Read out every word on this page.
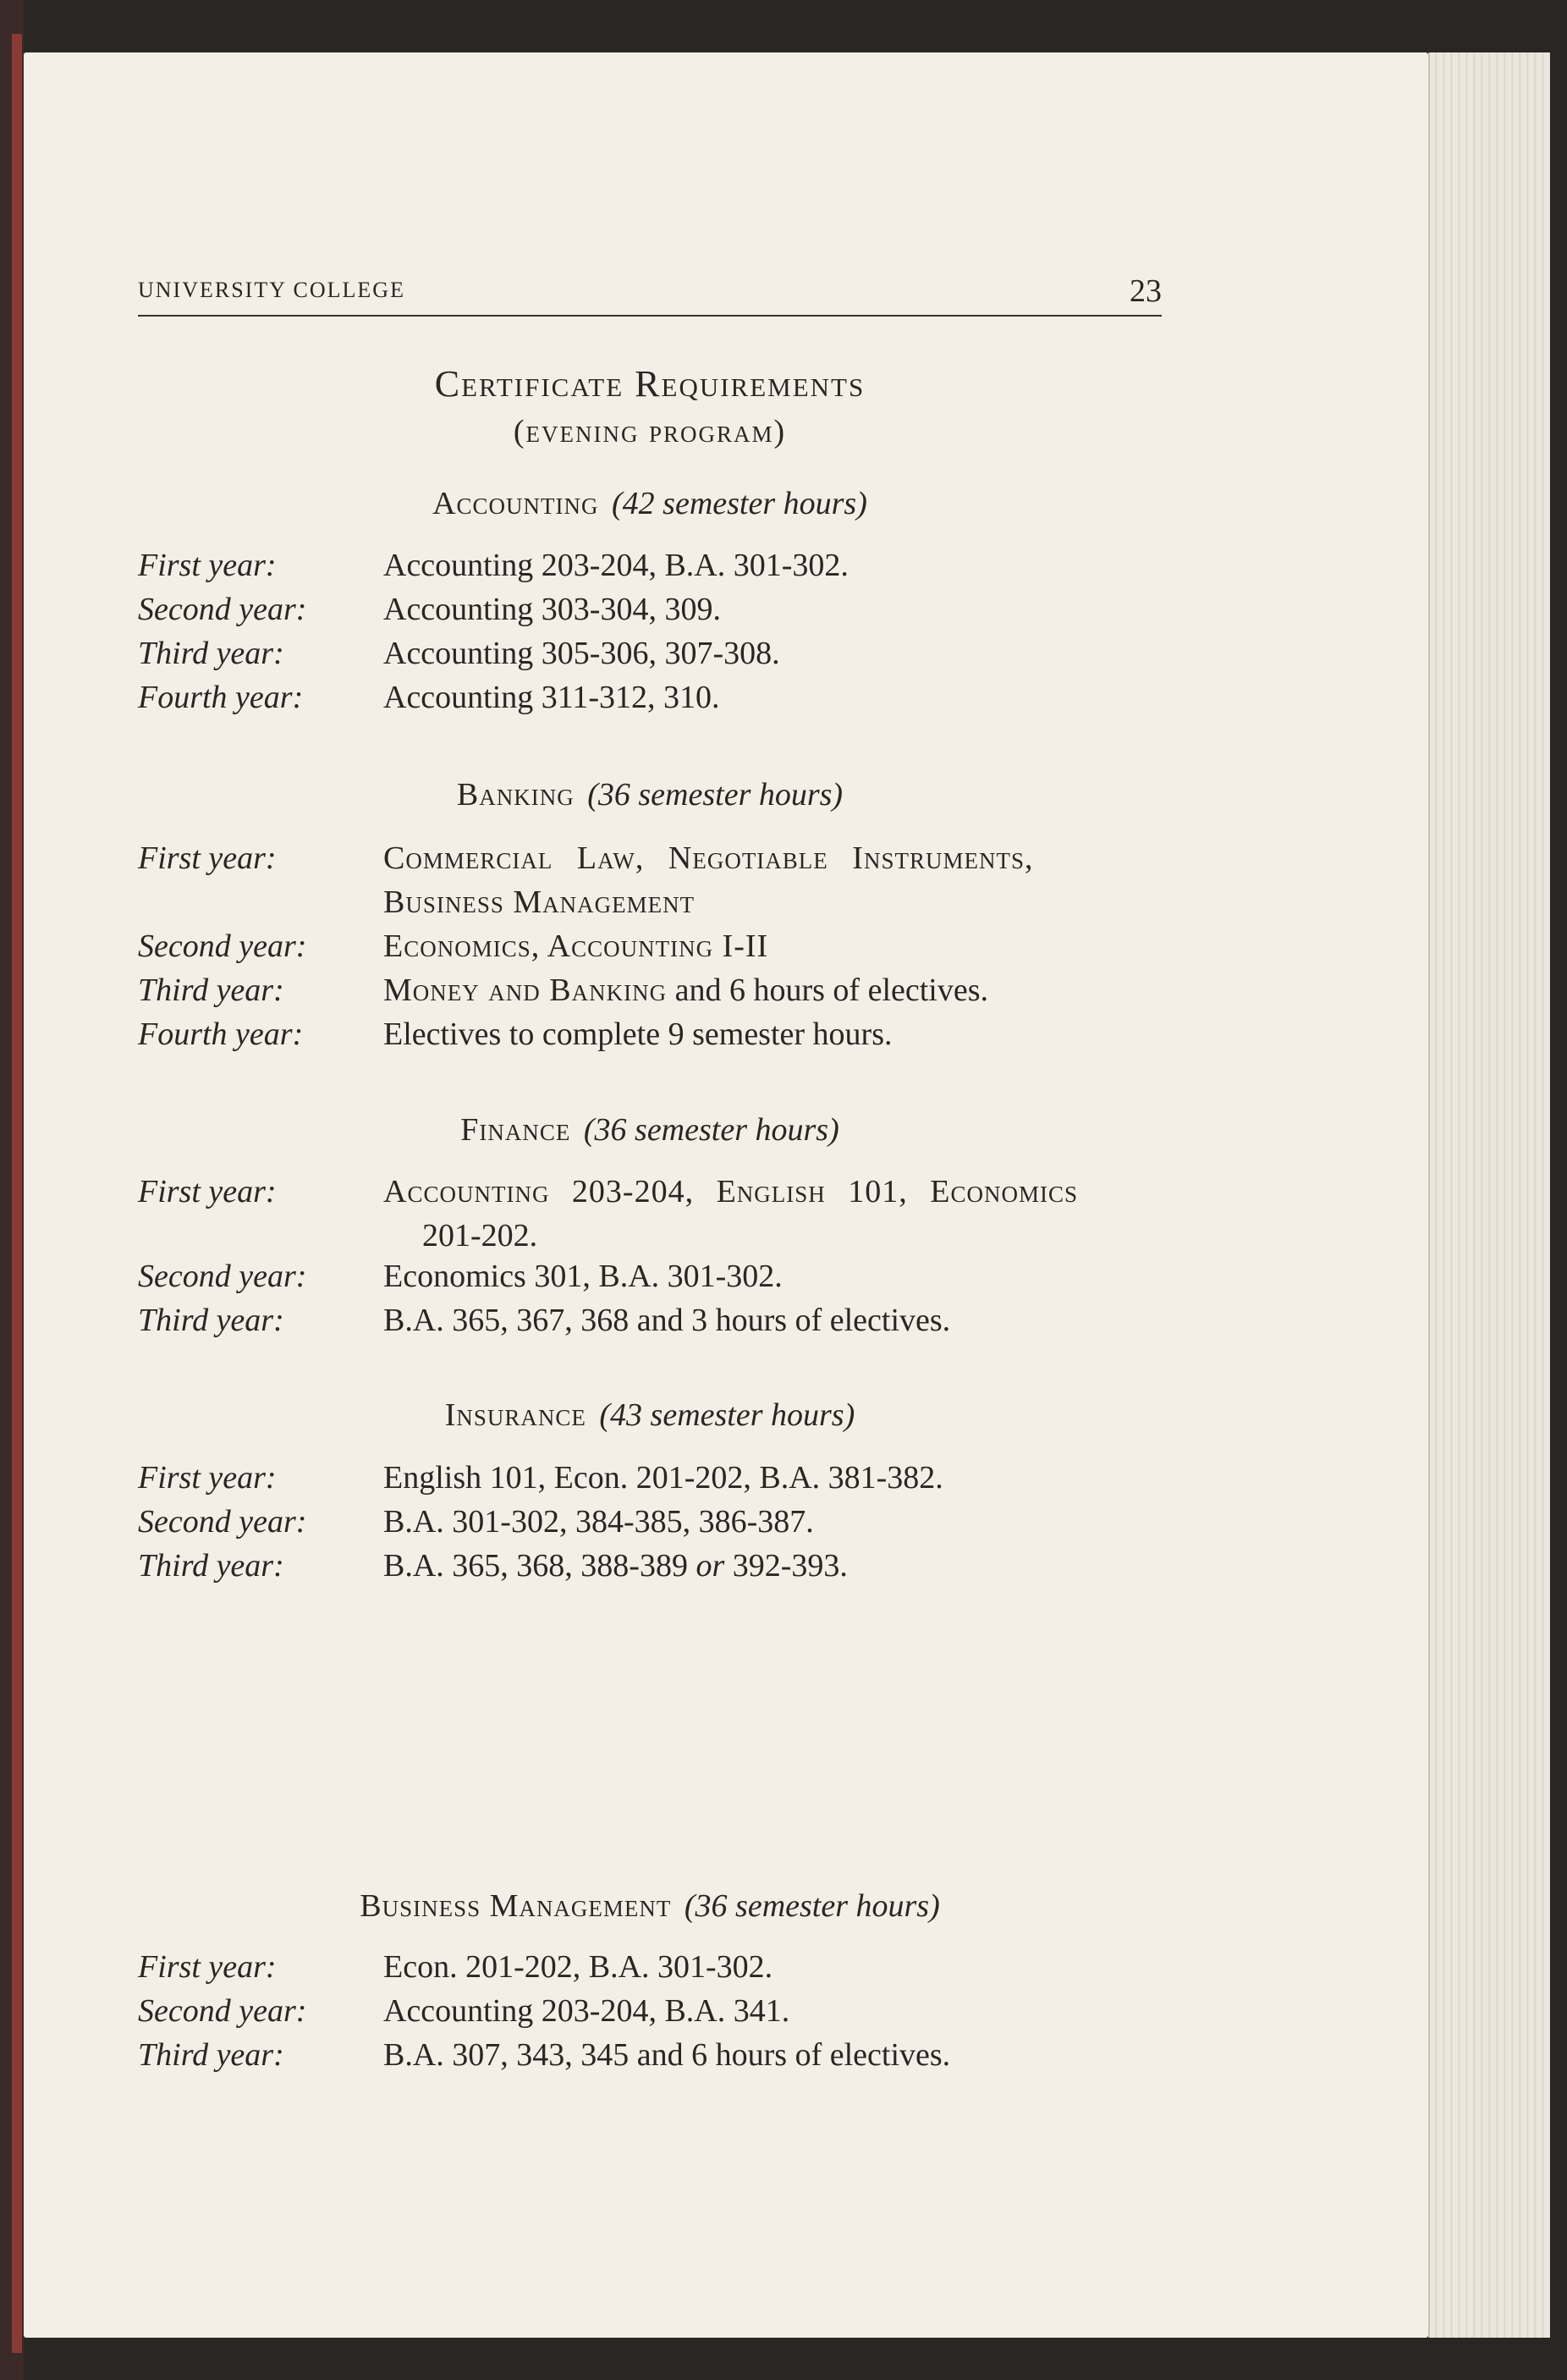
UNIVERSITY COLLEGE	23
Certificate Requirements
(evening program)
Accounting (42 semester hours)
First year:	Accounting 203-204, B.A. 301-302.
Second year: Accounting 303-304, 309.
Third year:	Accounting 305-306, 307-308.
Fourth year: Accounting 311-312, 310.
Banking (36 semester hours)
First year:	Commercial Law, Negotiable Instruments,
Business Management
Second year: Economics, Accounting I-II
Third year:	Money and Banking and 6 hours of electives.
Fourth year: Electives to complete 9 semester hours.
Finance (36 semester hours)
First year:	Accounting 203-204, English 101, Economics
201-202.
Second year: Economics 301, B.A. 301-302.
Third year:	B.A. 365, 367, 368 and 3 hours of electives.
Insurance (43 semester hours)
First year:	English 101, Econ. 201-202, B.A. 381-382.
Second year: B.A. 301-302, 384-385, 386-387.
Third year:	B.A. 365, 368, 388-389 or 392-393.
Business Management (36 semester hours)
First year:	Econ. 201-202, B.A. 301-302.
Second year: Accounting 203-204, B.A. 341.
Third year:	B.A. 307, 343, 345 and 6 hours of electives.
